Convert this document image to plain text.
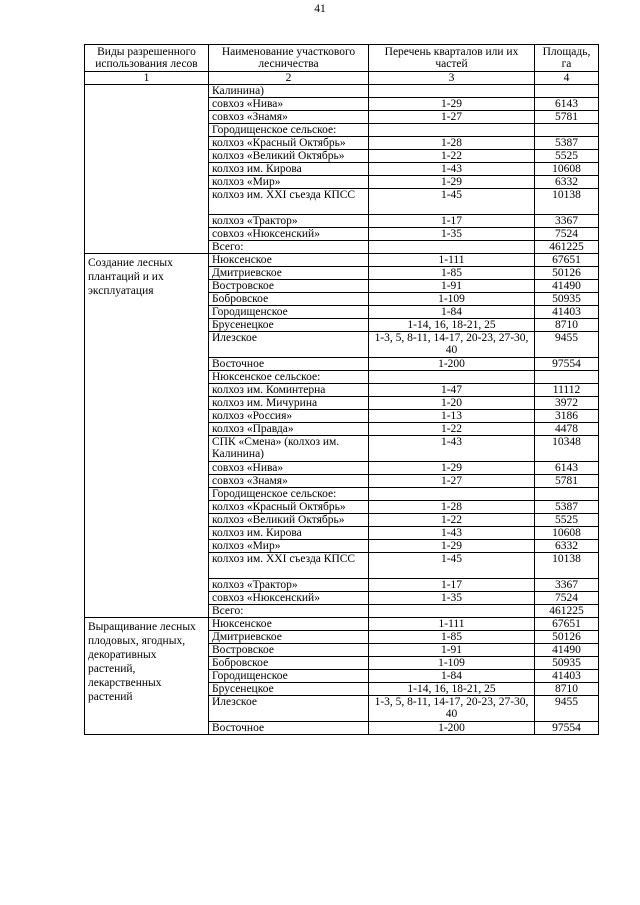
41
Виды разрешенного использования лесов	Наименование участкового лесничества	Перечень кварталов или их частей	Площадь, га
1	2	3	4
	Калинина)		
	совхоз «Нива»	1-29	6143
	совхоз «Знамя»	1-27	5781
	Городищенское сельское:		
	колхоз «Красный Октябрь»	1-28	5387
	колхоз «Великий Октябрь»	1-22	5525
	колхоз им. Кирова	1-43	10608
	колхоз «Мир»	1-29	6332
	колхоз им. XXI съезда КПСС	1-45	10138
	колхоз «Трактор»	1-17	3367
	совхоз «Нюксенский»	1-35	7524
	Всего:		461225
Создание лесных плантаций и их эксплуатация	Нюксенское	1-111	67651
	Дмитриевское	1-85	50126
	Востровское	1-91	41490
	Бобровское	1-109	50935
	Городищенское	1-84	41403
	Брусенецкое	1-14, 16, 18-21, 25	8710
	Илезское	1-3, 5, 8-11, 14-17, 20-23, 27-30, 40	9455
	Восточное	1-200	97554
	Нюксенское сельское:		
	колхоз им. Коминтерна	1-47	11112
	колхоз им. Мичурина	1-20	3972
	колхоз «Россия»	1-13	3186
	колхоз «Правда»	1-22	4478
	СПК «Смена» (колхоз им. Калинина)	1-43	10348
	совхоз «Нива»	1-29	6143
	совхоз «Знамя»	1-27	5781
	Городищенское сельское:		
	колхоз «Красный Октябрь»	1-28	5387
	колхоз «Великий Октябрь»	1-22	5525
	колхоз им. Кирова	1-43	10608
	колхоз «Мир»	1-29	6332
	колхоз им. XXI съезда КПСС	1-45	10138
	колхоз «Трактор»	1-17	3367
	совхоз «Нюксенский»	1-35	7524
	Всего:		461225
Выращивание лесных плодовых, ягодных, декоративных растений, лекарственных растений	Нюксенское	1-111	67651
	Дмитриевское	1-85	50126
	Востровское	1-91	41490
	Бобровское	1-109	50935
	Городищенское	1-84	41403
	Брусенецкое	1-14, 16, 18-21, 25	8710
	Илезское	1-3, 5, 8-11, 14-17, 20-23, 27-30, 40	9455
	Восточное	1-200	97554
